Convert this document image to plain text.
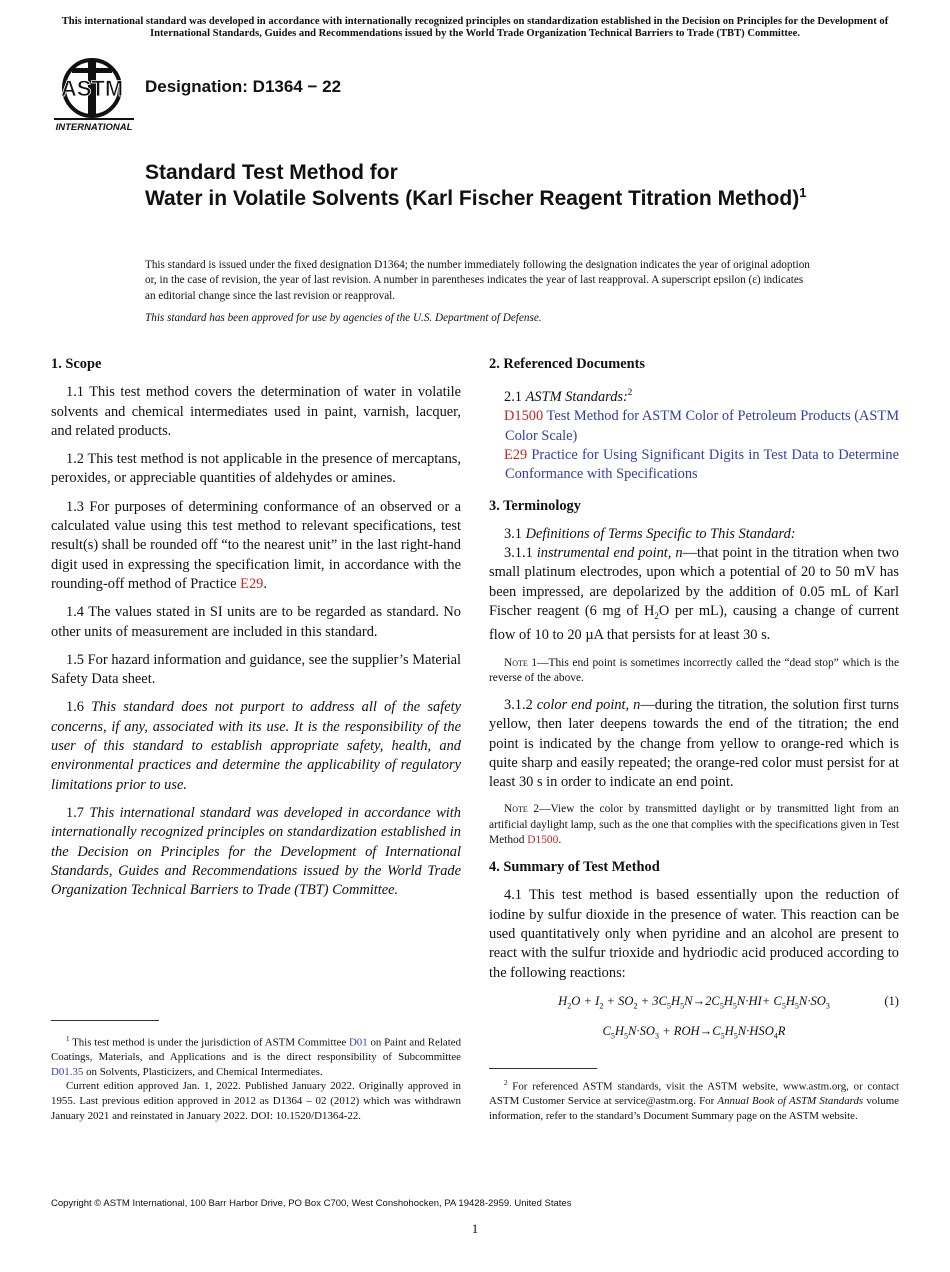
This international standard was developed in accordance with internationally recognized principles on standardization established in the Decision on Principles for the Development of International Standards, Guides and Recommendations issued by the World Trade Organization Technical Barriers to Trade (TBT) Committee.
ASTM
INTERNATIONAL
Designation: D1364 − 22
Standard Test Method for
Water in Volatile Solvents (Karl Fischer Reagent Titration Method)$^1$
This standard is issued under the fixed designation D1364; the number immediately following the designation indicates the year of original adoption or, in the case of revision, the year of last revision. A number in parentheses indicates the year of last reapproval. A superscript epsilon (ε) indicates an editorial change since the last revision or reapproval.
This standard has been approved for use by agencies of the U.S. Department of Defense.

1. Scope

1.1 This test method covers the determination of water in volatile solvents and chemical intermediates used in paint, varnish, lacquer, and related products.

1.2 This test method is not applicable in the presence of mercaptans, peroxides, or appreciable quantities of aldehydes or amines.

1.3 For purposes of determining conformance of an observed or a calculated value using this test method to relevant specifications, test result(s) shall be rounded off “to the nearest unit” in the last right-hand digit used in expressing the specification limit, in accordance with the rounding-off method of Practice E29.

1.4 The values stated in SI units are to be regarded as standard. No other units of measurement are included in this standard.

1.5 For hazard information and guidance, see the supplier’s Material Safety Data sheet.

1.6 This standard does not purport to address all of the safety concerns, if any, associated with its use. It is the responsibility of the user of this standard to establish appropriate safety, health, and environmental practices and determine the applicability of regulatory limitations prior to use.

1.7 This international standard was developed in accordance with internationally recognized principles on standardization established in the Decision on Principles for the Development of International Standards, Guides and Recommendations issued by the World Trade Organization Technical Barriers to Trade (TBT) Committee.

2. Referenced Documents

2.1 ASTM Standards:$^2$

D1500 Test Method for ASTM Color of Petroleum Products (ASTM Color Scale)

E29 Practice for Using Significant Digits in Test Data to Determine Conformance with Specifications

3. Terminology

3.1 Definitions of Terms Specific to This Standard:

3.1.1 instrumental end point, n—that point in the titration when two small platinum electrodes, upon which a potential of 20 to 50 mV has been impressed, are depolarized by the addition of 0.05 mL of Karl Fischer reagent (6 mg of $H_2O$ per mL), causing a change of current flow of 10 to 20 µA that persists for at least 30 s.

Note 1—This end point is sometimes incorrectly called the “dead stop” which is the reverse of the above.

3.1.2 color end point, n—during the titration, the solution first turns yellow, then later deepens towards the end of the titration; the end point is indicated by the change from yellow to orange-red which is quite sharp and easily repeated; the orange-red color must persist for at least 30 s in order to indicate an end point.

Note 2—View the color by transmitted daylight or by transmitted light from an artificial daylight lamp, such as the one that complies with the specifications given in Test Method D1500.

4. Summary of Test Method

4.1 This test method is based essentially upon the reduction of iodine by sulfur dioxide in the presence of water. This reaction can be used quantitatively only when pyridine and an alcohol are present to react with the sulfur trioxide and hydriodic acid produced according to the following reactions:

$H_2O + I_2 + SO_2 + 3C_5H_5N\to 2C_5H_5N\cdot HI+ C_5H_5N\cdot SO_3$	(1)
$C_5H_5N\cdot SO_3 + ROH\to C_5H_5N\cdot HSO_4R$

$^1$ This test method is under the jurisdiction of ASTM Committee D01 on Paint and Related Coatings, Materials, and Applications and is the direct responsibility of Subcommittee D01.35 on Solvents, Plasticizers, and Chemical Intermediates.

Current edition approved Jan. 1, 2022. Published January 2022. Originally approved in 1955. Last previous edition approved in 2012 as D1364 – 02 (2012) which was withdrawn January 2021 and reinstated in January 2022. DOI: 10.1520/D1364-22.

$^2$ For referenced ASTM standards, visit the ASTM website, www.astm.org, or contact ASTM Customer Service at service@astm.org. For Annual Book of ASTM Standards volume information, refer to the standard’s Document Summary page on the ASTM website.

Copyright © ASTM International, 100 Barr Harbor Drive, PO Box C700, West Conshohocken, PA 19428-2959. United States
1
